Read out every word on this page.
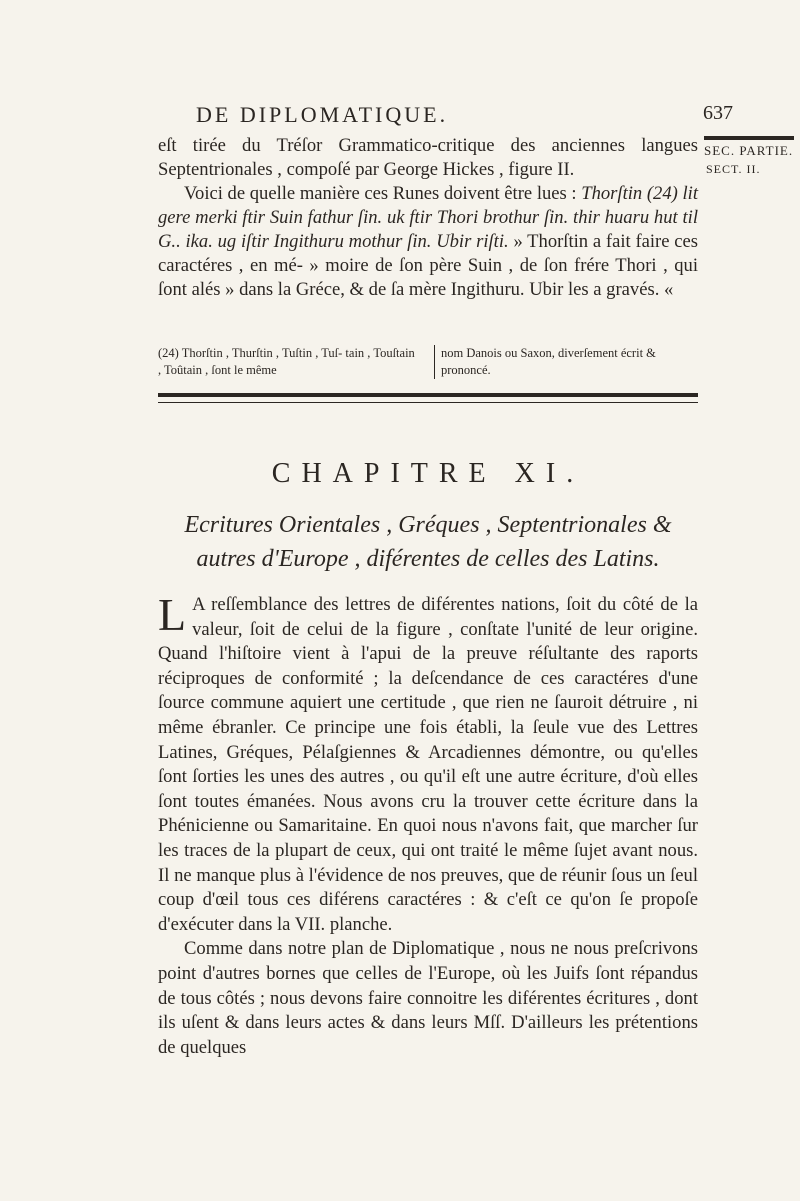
DE DIPLOMATIQUE.	637
SEC. PARTIE.
SECT. II.

eſt tirée du Tréſor Grammatico-critique des anciennes langues Septentrionales , compoſé par George Hickes , figure II.

Voici de quelle manière ces Runes doivent être lues : Thorſtin (24) lit gere merki ftir Suin fathur ſin. uk ftir Thori brothur ſin. thir huaru hut til G.. ika. ug iſtir Ingithuru mothur ſin. Ubir riſti. » Thorſtin a fait faire ces caractéres , en mé- » moire de ſon père Suin , de ſon frére Thori , qui ſont alés » dans la Gréce, & de ſa mère Ingithuru. Ubir les a gravés. «

(24) Thorſtin , Thurſtin , Tuſtin , Tuſ- tain , Touſtain , Toûtain , ſont le même
nom Danois ou Saxon, diverſement écrit & prononcé.
CHAPITRE XI.
Ecritures Orientales , Gréques , Septentrionales & autres d'Europe , diférentes de celles des Latins.

L A reſſemblance des lettres de diférentes nations, ſoit du côté de la valeur, ſoit de celui de la figure , conſtate l'unité de leur origine. Quand l'hiſtoire vient à l'apui de la preuve réſultante des raports réciproques de conformité ; la deſcendance de ces caractéres d'une ſource commune aquiert une certitude , que rien ne ſauroit détruire , ni même ébranler. Ce principe une fois établi, la ſeule vue des Lettres Latines, Gréques, Pélaſgiennes & Arcadiennes démontre, ou qu'elles ſont ſorties les unes des autres , ou qu'il eſt une autre écriture, d'où elles ſont toutes émanées. Nous avons cru la trouver cette écriture dans la Phénicienne ou Samaritaine. En quoi nous n'avons fait, que marcher ſur les traces de la plupart de ceux, qui ont traité le même ſujet avant nous. Il ne manque plus à l'évidence de nos preuves, que de réunir ſous un ſeul coup d'œil tous ces diférens caractéres : & c'eſt ce qu'on ſe propoſe d'exécuter dans la VII. planche.

Comme dans notre plan de Diplomatique , nous ne nous preſcrivons point d'autres bornes que celles de l'Europe, où les Juifs ſont répandus de tous côtés ; nous devons faire connoitre les diférentes écritures , dont ils uſent & dans leurs actes & dans leurs Mſſ. D'ailleurs les prétentions de quelques
